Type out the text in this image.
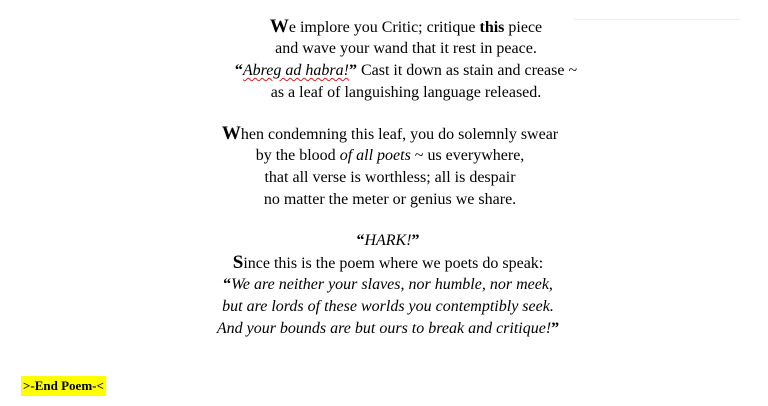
We implore you Critic; critique this piece
and wave your wand that it rest in peace.
“Abreg ad habra!” Cast it down as stain and crease ~
as a leaf of languishing language released.
When condemning this leaf, you do solemnly swear
by the blood of all poets ~ us everywhere,
that all verse is worthless; all is despair
no matter the meter or genius we share.
“HARK!”
Since this is the poem where we poets do speak:
“We are neither your slaves, nor humble, nor meek,
but are lords of these worlds you contemptibly seek.
And your bounds are but ours to break and critique!”
>-End Poem-<
